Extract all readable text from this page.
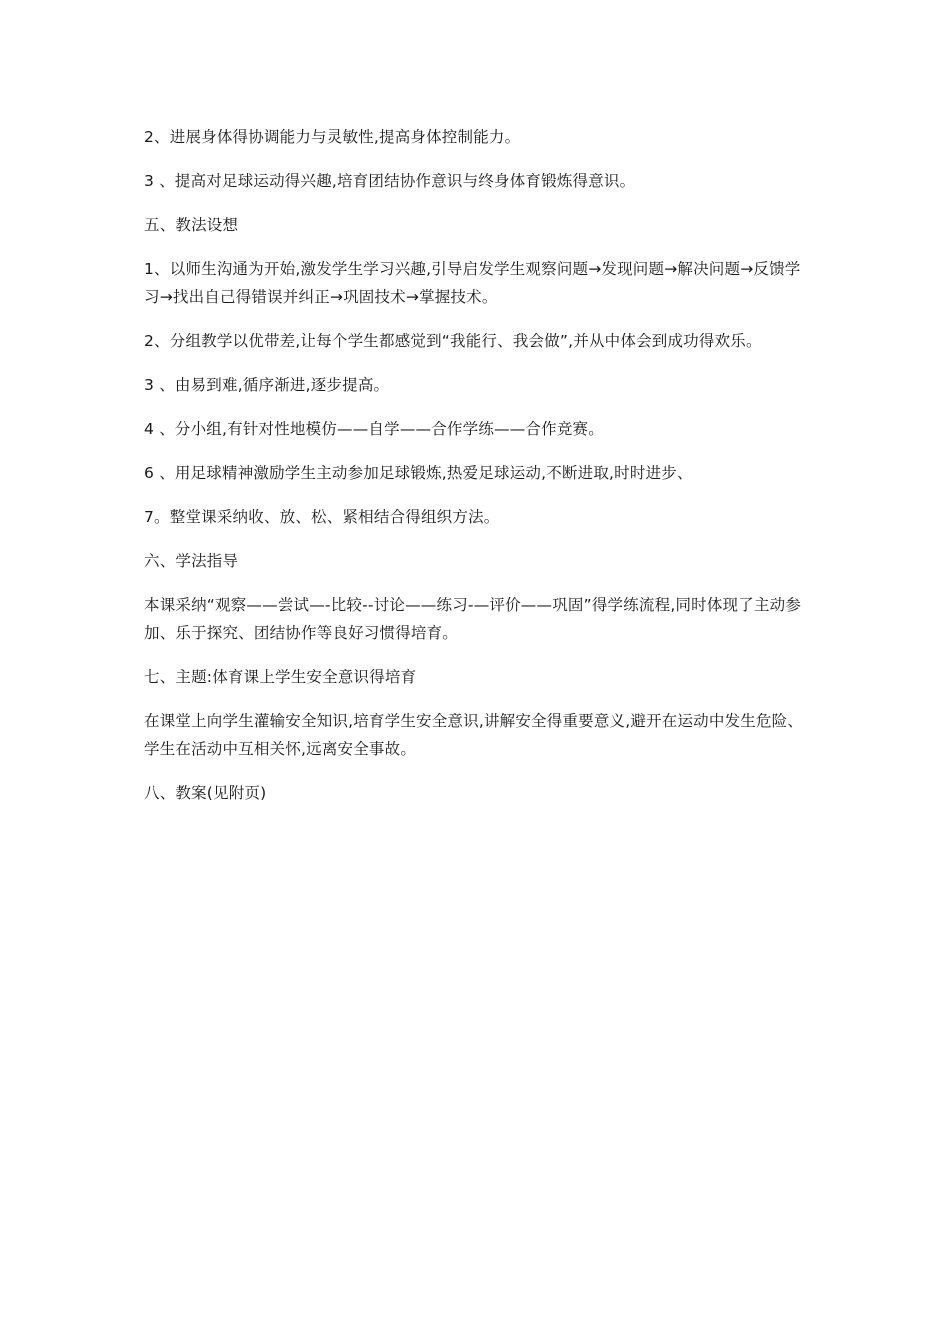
2、进展身体得协调能力与灵敏性,提高身体控制能力。

3 、提高对足球运动得兴趣,培育团结协作意识与终身体育锻炼得意识。

五、教法设想

1、以师生沟通为开始,激发学生学习兴趣,引导启发学生观察问题→发现问题→解决问题→反馈学习→找出自己得错误并纠正→巩固技术→掌握技术。

2、分组教学以优带差,让每个学生都感觉到“我能行、我会做”,并从中体会到成功得欢乐。

3 、由易到难,循序渐进,逐步提高。

4 、分小组,有针对性地模仿——自学——合作学练——合作竞赛。

6 、用足球精神激励学生主动参加足球锻炼,热爱足球运动,不断进取,时时进步、

7。整堂课采纳收、放、松、紧相结合得组织方法。

六、学法指导

本课采纳“观察——尝试—-比较--讨论——练习-—评价——巩固”得学练流程,同时体现了主动参加、乐于探究、团结协作等良好习惯得培育。

七、主题:体育课上学生安全意识得培育

在课堂上向学生灌输安全知识,培育学生安全意识,讲解安全得重要意义,避开在运动中发生危险、学生在活动中互相关怀,远离安全事故。

八、教案(见附页)
